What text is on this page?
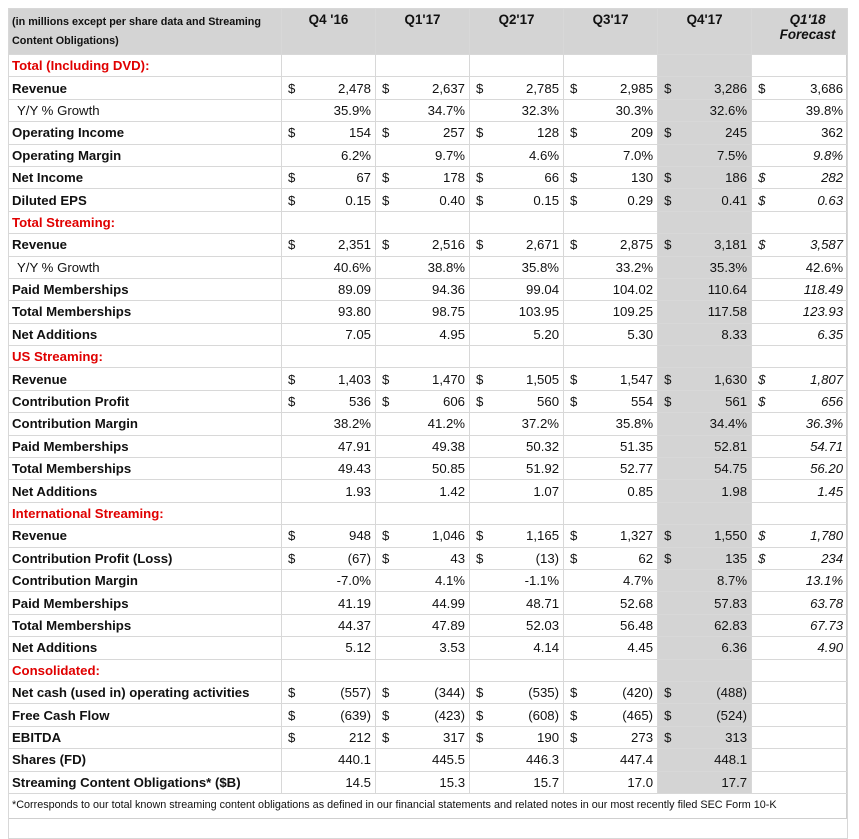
(in millions except per share data and Streaming Content Obligations)	Q4 '16		Q1'17		Q2'17		Q3'17		Q4'17		Q1'18 Forecast	
Total (Including DVD):												
Revenue	$	2,478	$	2,637	$	2,785	$	2,985	$	3,286	$	3,686
Y/Y % Growth		35.9%		34.7%		32.3%		30.3%		32.6%		39.8%
Operating Income	$	154	$	257	$	128	$	209	$	245		362
Operating Margin		6.2%		9.7%		4.6%		7.0%		7.5%		9.8%
Net Income	$	67	$	178	$	66	$	130	$	186	$	282
Diluted EPS	$	0.15	$	0.40	$	0.15	$	0.29	$	0.41	$	0.63
Total Streaming:												
Revenue	$	2,351	$	2,516	$	2,671	$	2,875	$	3,181	$	3,587
Y/Y % Growth		40.6%		38.8%		35.8%		33.2%		35.3%		42.6%
Paid Memberships		89.09		94.36		99.04		104.02		110.64		118.49
Total Memberships		93.80		98.75		103.95		109.25		117.58		123.93
Net Additions		7.05		4.95		5.20		5.30		8.33		6.35
US Streaming:												
Revenue	$	1,403	$	1,470	$	1,505	$	1,547	$	1,630	$	1,807
Contribution Profit	$	536	$	606	$	560	$	554	$	561	$	656
Contribution Margin		38.2%		41.2%		37.2%		35.8%		34.4%		36.3%
Paid Memberships		47.91		49.38		50.32		51.35		52.81		54.71
Total Memberships		49.43		50.85		51.92		52.77		54.75		56.20
Net Additions		1.93		1.42		1.07		0.85		1.98		1.45
International Streaming:												
Revenue	$	948	$	1,046	$	1,165	$	1,327	$	1,550	$	1,780
Contribution Profit (Loss)	$	(67)	$	43	$	(13)	$	62	$	135	$	234
Contribution Margin		-7.0%		4.1%		-1.1%		4.7%		8.7%		13.1%
Paid Memberships		41.19		44.99		48.71		52.68		57.83		63.78
Total Memberships		44.37		47.89		52.03		56.48		62.83		67.73
Net Additions		5.12		3.53		4.14		4.45		6.36		4.90
Consolidated:												
Net cash (used in) operating activities	$	(557)	$	(344)	$	(535)	$	(420)	$	(488)		
Free Cash Flow	$	(639)	$	(423)	$	(608)	$	(465)	$	(524)		
EBITDA	$	212	$	317	$	190	$	273	$	313		
Shares (FD)		440.1		445.5		446.3		447.4		448.1		
Streaming Content Obligations* ($B)		14.5		15.3		15.7		17.0		17.7		
*Corresponds to our total known streaming content obligations as defined in our financial statements and related notes in our most recently filed SEC Form 10-K												
